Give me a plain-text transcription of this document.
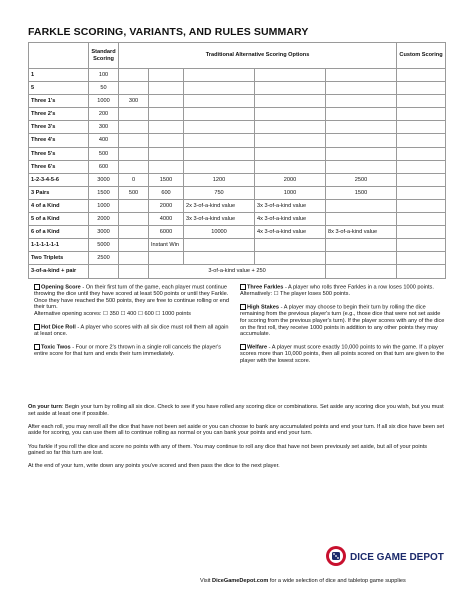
FARKLE SCORING, VARIANTS, AND RULES SUMMARY
	Standard Scoring	Traditional Alternative Scoring Options					Custom Scoring
1	100						
5	50						
Three 1's	1000	300					
Three 2's	200						
Three 3's	300						
Three 4's	400						
Three 5's	500						
Three 6's	600						
1-2-3-4-5-6	3000	0	1500	1200	2000	2500	
3 Pairs	1500	500	600	750	1000	1500	
4 of a Kind	1000		2000	2x 3-of-a-kind value	3x 3-of-a-kind value		
5 of a Kind	2000		4000	3x 3-of-a-kind value	4x 3-of-a-kind value		
6 of a Kind	3000		6000	10000	4x 3-of-a-kind value	8x 3-of-a-kind value	
1-1-1-1-1-1	5000		Instant Win				
Two Triplets	2500						
3-of-a-kind + pair			3-of-a-kind value + 250				

Opening Score - On their first turn of the game, each player must continue throwing the dice until they have scored at least 500 points or until they Farkle. Once they have reached the 500 points, they are free to continue rolling or end their turn.
Alternative opening scores: ☐ 350 ☐ 400 ☐ 600 ☐ 1000 points

Hot Dice Roll - A player who scores with all six dice must roll them all again at least once.

Toxic Twos - Four or more 2's thrown in a single roll cancels the player's entire score for that turn and ends their turn immediately.

Three Farkles - A player who rolls three Farkles in a row loses 1000 points.
Alternatively: ☐ The player loses 500 points.

High Stakes - A player may choose to begin their turn by rolling the dice remaining from the previous player's turn (e.g., those dice that were not set aside for scoring from the previous player's turn). If the player scores with any of the dice on the first roll, they receive 1000 points in addition to any other points they may accumulate.

Welfare - A player must score exactly 10,000 points to win the game. If a player scores more than 10,000 points, then all points scored on that turn are given to the player with the lowest score.

On your turn: Begin your turn by rolling all six dice. Check to see if you have rolled any scoring dice or combinations. Set aside any scoring dice you wish, but you must set aside at least one if possible.

After each roll, you may reroll all the dice that have not been set aside or you can choose to bank any accumulated points and end your turn. If all six dice have been set aside for scoring, you can use them all to continue rolling as normal or you can bank your points and end your turn.

You farkle if you roll the dice and score no points with any of them. You may continue to roll any dice that have not been previously set aside, but all of your points gained so far this turn are lost.

At the end of your turn, write down any points you've scored and then pass the dice to the next player.

DICE GAME DEPOT
Visit DiceGameDepot.com for a wide selection of dice and tabletop game supplies
